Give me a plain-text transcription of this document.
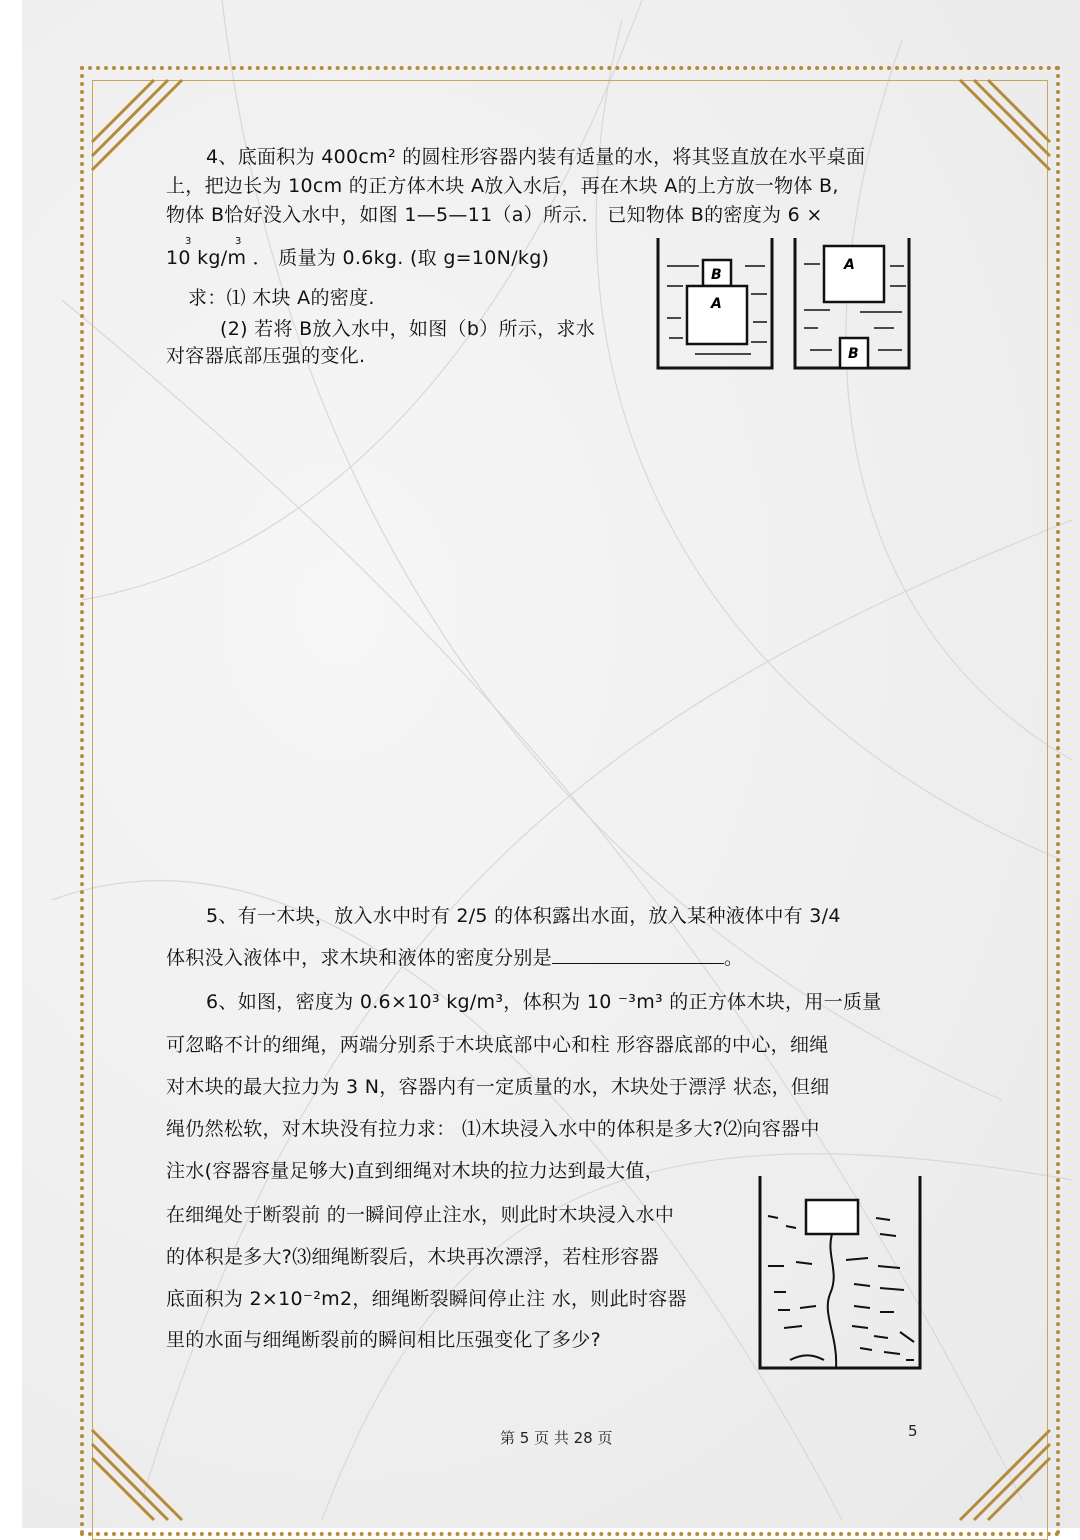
4、底面积为 400cm² 的圆柱形容器内装有适量的水，将其竖直放在水平桌面
上，把边长为 10cm 的正方体木块 A放入水后，再在木块 A的上方放一物体 B,
物体 B恰好没入水中，如图 1—5—11（a）所示． 已知物体 B的密度为 6 ×
3	3
10 kg/m ． 质量为 0.6kg. (取 g=10N/kg)
求：⑴ 木块 A的密度.
(2) 若将 B放入水中，如图（b）所示，求水
对容器底部压强的变化.
B
A
A
B
5、有一木块，放入水中时有 2/5 的体积露出水面，放入某种液体中有 3/4
体积没入液体中，求木块和液体的密度分别是	。
6、如图，密度为 0.6×10³ kg/m³，体积为 10 ⁻³m³ 的正方体木块，用一质量
可忽略不计的细绳，两端分别系于木块底部中心和柱 形容器底部的中心，细绳
对木块的最大拉力为 3 N，容器内有一定质量的水，木块处于漂浮 状态，但细
绳仍然松软，对木块没有拉力求： ⑴木块浸入水中的体积是多大?⑵向容器中
注水(容器容量足够大)直到细绳对木块的拉力达到最大值，
在细绳处于断裂前 的一瞬间停止注水，则此时木块浸入水中
的体积是多大?⑶细绳断裂后，木块再次漂浮，若柱形容器
底面积为 2×10⁻²m2，细绳断裂瞬间停止注 水，则此时容器
里的水面与细绳断裂前的瞬间相比压强变化了多少?
第 5 页 共 28 页	5
